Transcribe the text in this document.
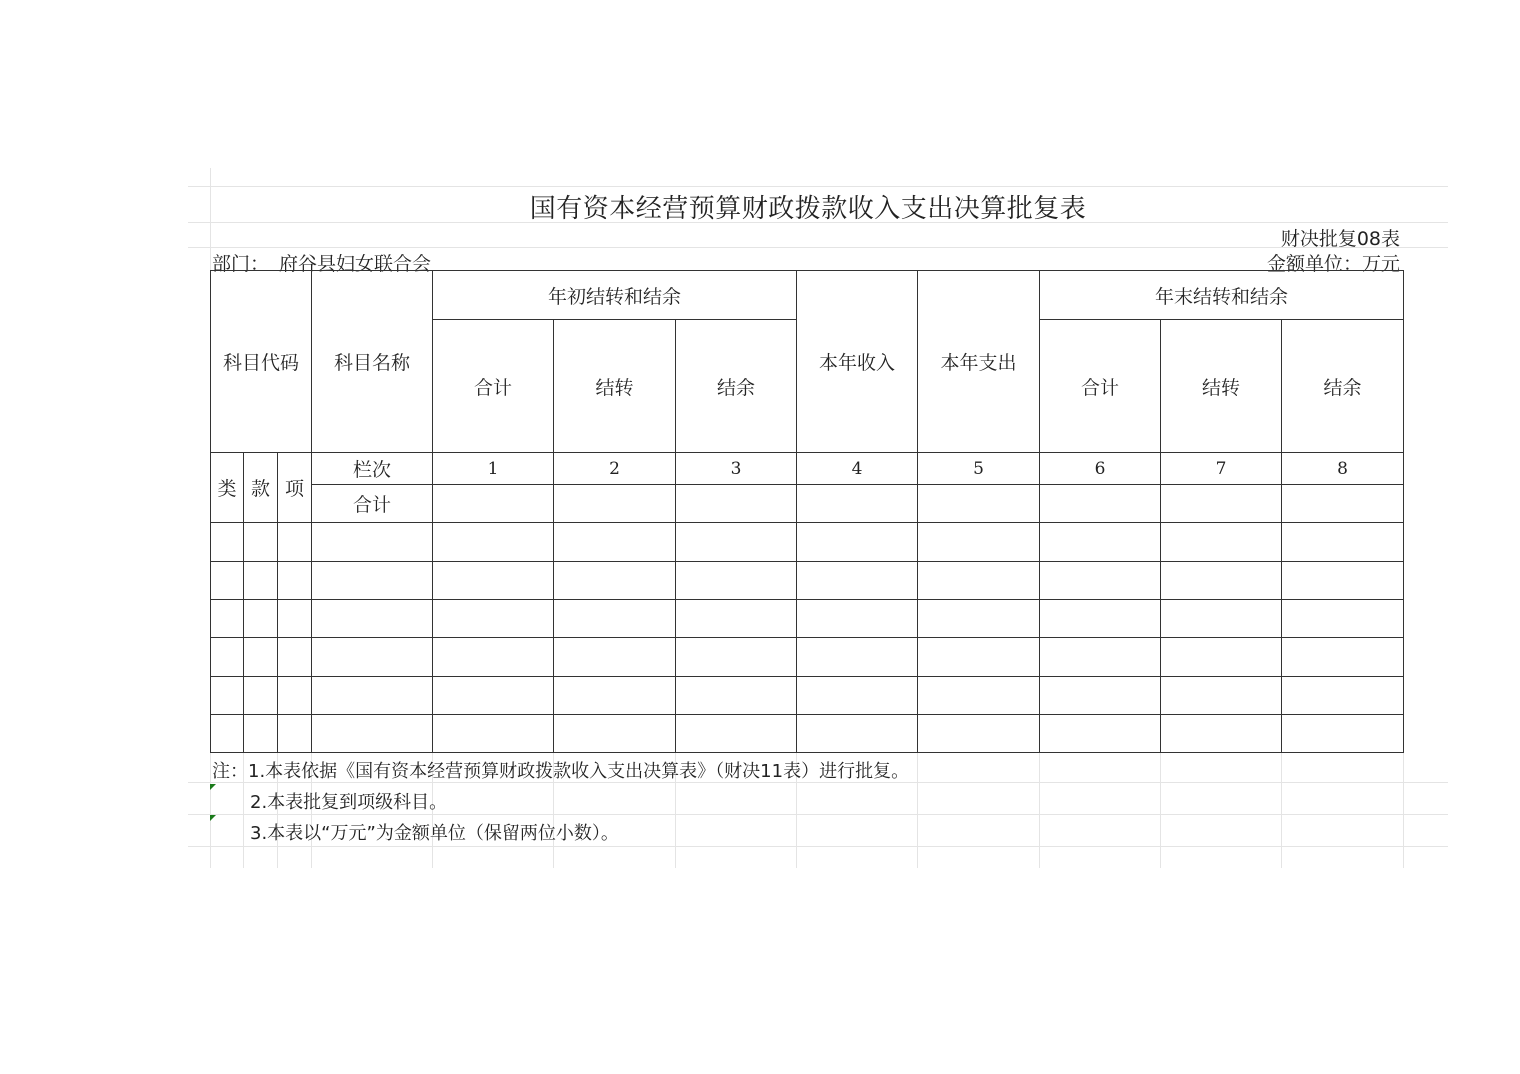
国有资本经营预算财政拨款收入支出决算批复表
财决批复08表
部门： 府谷县妇女联合会	金额单位：万元
科目代码			科目名称	年初结转和结余			本年收入	本年支出	年末结转和结余		
				合计	结转	结余			合计	结转	结余
类	款	项	栏次	1	2	3	4	5	6	7	8
			合计								

注：1.本表依据《国有资本经营预算财政拨款收入支出决算表》（财决11表）进行批复。
2.本表批复到项级科目。
3.本表以“万元”为金额单位（保留两位小数）。
